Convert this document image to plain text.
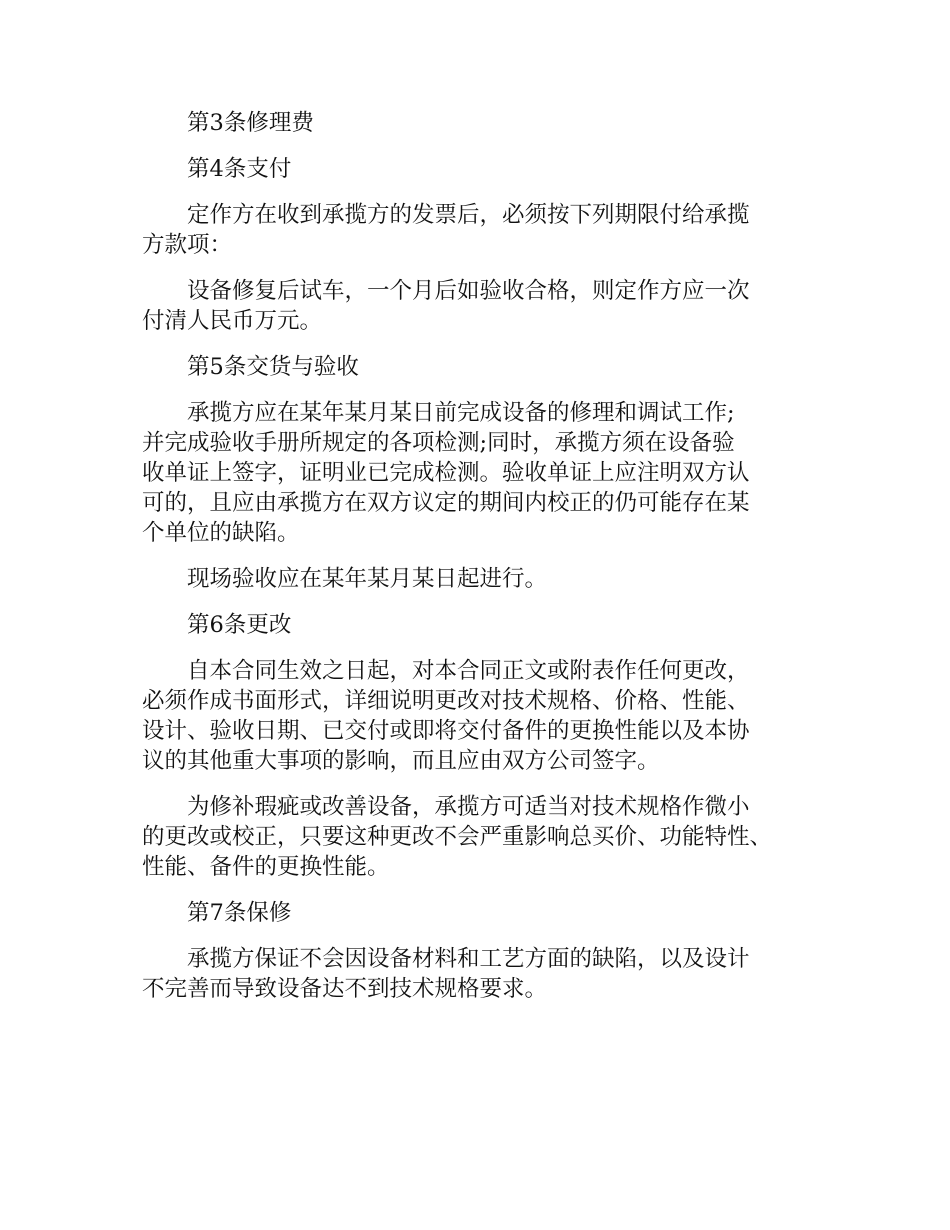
第3条修理费

第4条支付

定作方在收到承揽方的发票后，必须按下列期限付给承揽
方款项：

设备修复后试车，一个月后如验收合格，则定作方应一次
付清人民币万元。

第5条交货与验收

承揽方应在某年某月某日前完成设备的修理和调试工作;
并完成验收手册所规定的各项检测;同时，承揽方须在设备验
收单证上签字，证明业已完成检测。验收单证上应注明双方认
可的，且应由承揽方在双方议定的期间内校正的仍可能存在某
个单位的缺陷。

现场验收应在某年某月某日起进行。

第6条更改

自本合同生效之日起，对本合同正文或附表作任何更改，
必须作成书面形式，详细说明更改对技术规格、价格、性能、
设计、验收日期、已交付或即将交付备件的更换性能以及本协
议的其他重大事项的影响，而且应由双方公司签字。

为修补瑕疵或改善设备，承揽方可适当对技术规格作微小
的更改或校正，只要这种更改不会严重影响总买价、功能特性、
性能、备件的更换性能。

第7条保修

承揽方保证不会因设备材料和工艺方面的缺陷，以及设计
不完善而导致设备达不到技术规格要求。
